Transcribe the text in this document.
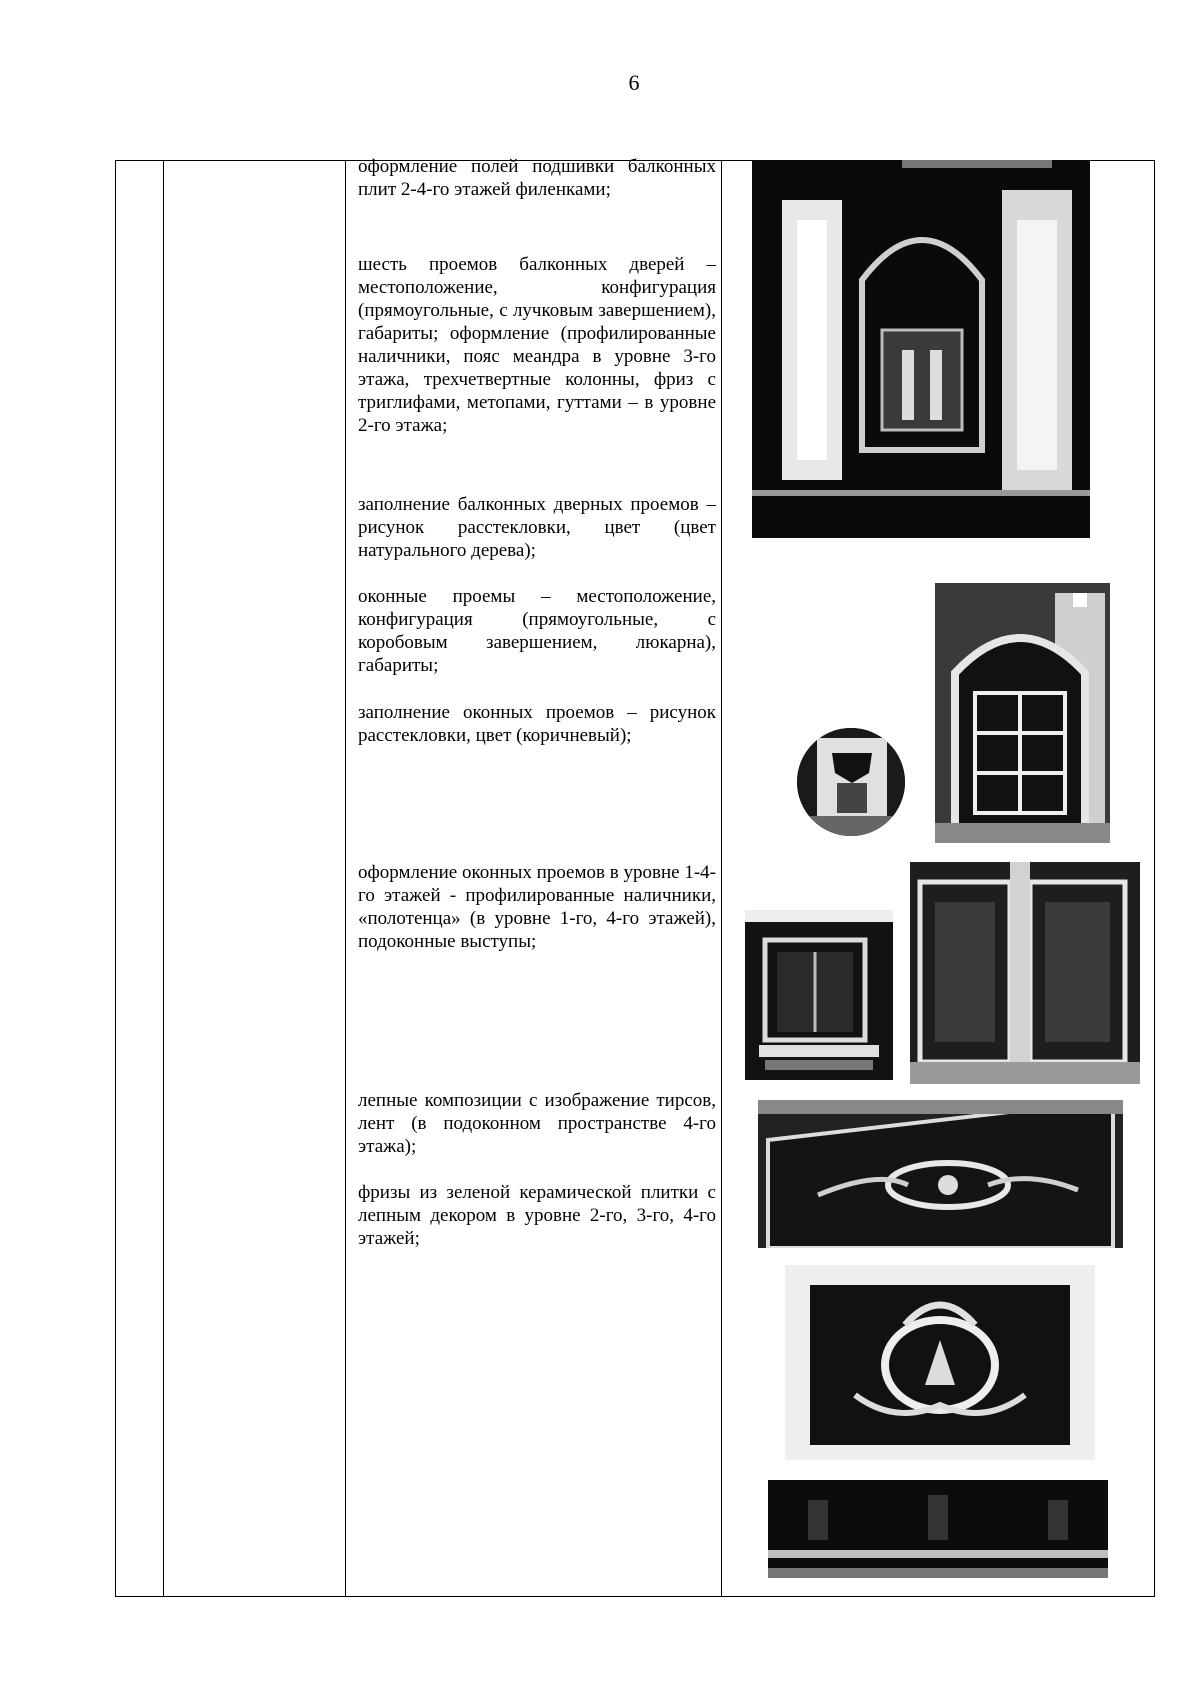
6
оформление полей подшивки балконных плит 2-4-го этажей филенками;
шесть проемов балконных дверей – местоположение, конфигурация (прямоугольные, с лучковым завершением), габариты; оформление (профилированные наличники, пояс меандра в уровне 3-го этажа, трехчетвертные колонны, фриз с триглифами, метопами, гуттами – в уровне 2-го этажа;
заполнение балконных дверных проемов – рисунок расстекловки, цвет (цвет натурального дерева);
оконные проемы – местоположение, конфигурация (прямоугольные, с коробовым завершением, люкарна), габариты;
заполнение оконных проемов – рисунок расстекловки, цвет (коричневый);
оформление оконных проемов в уровне 1-4-го этажей - профилированные наличники, «полотенца» (в уровне 1-го, 4-го этажей), подоконные выступы;
лепные композиции с изображение тирсов, лент (в подоконном пространстве 4-го этажа);
фризы из зеленой керамической плитки с лепным декором в уровне 2-го, 3-го, 4-го этажей;
